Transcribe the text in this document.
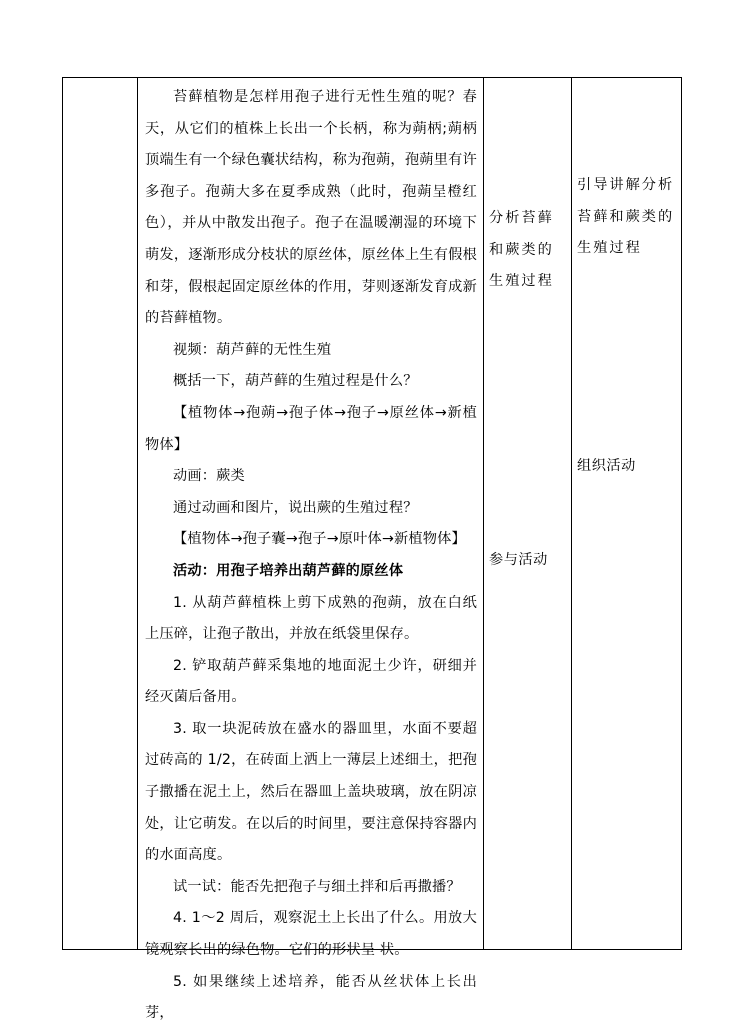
苔藓植物是怎样用孢子进行无性生殖的呢？春天，从它们的植株上长出一个长柄，称为蒴柄;蒴柄顶端生有一个绿色囊状结构，称为孢蒴，孢蒴里有许多孢子。孢蒴大多在夏季成熟（此时，孢蒴呈橙红色），并从中散发出孢子。孢子在温暖潮湿的环境下萌发，逐渐形成分枝状的原丝体，原丝体上生有假根和芽，假根起固定原丝体的作用，芽则逐渐发育成新的苔藓植物。

视频：葫芦藓的无性生殖

概括一下，葫芦藓的生殖过程是什么？

【植物体→孢蒴→孢子体→孢子→原丝体→新植物体】

动画：蕨类

通过动画和图片，说出蕨的生殖过程？

【植物体→孢子囊→孢子→原叶体→新植物体】

活动：用孢子培养出葫芦藓的原丝体

1. 从葫芦藓植株上剪下成熟的孢蒴，放在白纸上压碎，让孢子散出，并放在纸袋里保存。

2. 铲取葫芦藓采集地的地面泥土少许，研细并经灭菌后备用。

3. 取一块泥砖放在盛水的器皿里，水面不要超过砖高的 1/2，在砖面上洒上一薄层上述细土，把孢子撒播在泥土上，然后在器皿上盖块玻璃，放在阴凉处，让它萌发。在以后的时间里，要注意保持容器内的水面高度。

试一试：能否先把孢子与细土拌和后再撒播？

4. 1～2 周后，观察泥土上长出了什么。用放大镜观察长出的绿色物。它们的形状呈 状。

5. 如果继续上述培养，能否从丝状体上长出芽，

分析苔藓和蕨类的生殖过程
参与活动
引导讲解分析苔藓和蕨类的生殖过程
组织活动
